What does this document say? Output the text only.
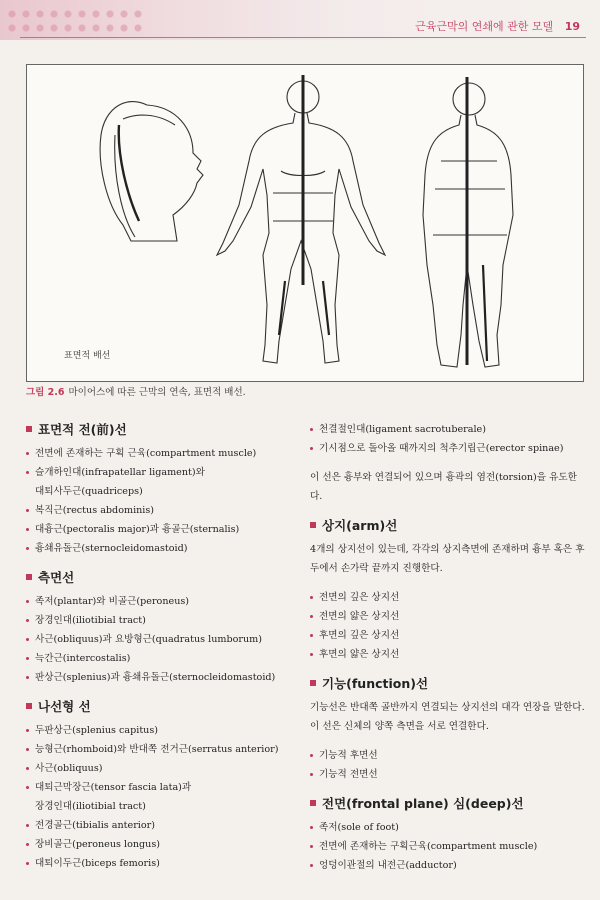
근육근막의 연쇄에 관한 모델 19
표면적 배선
그림 2.6 마이어스에 따른 근막의 연속, 표면적 배선.
표면적 전(前)선
전면에 존재하는 구획 근육(compartment muscle)
슬개하인대(infrapatellar ligament)와
대퇴사두근(quadriceps)
복직근(rectus abdominis)
대흉근(pectoralis major)과 흉골근(sternalis)
흉쇄유돌근(sternocleidomastoid)
측면선
족저(plantar)와 비골근(peroneus)
장경인대(iliotibial tract)
사근(obliquus)과 요방형근(quadratus lumborum)
늑간근(intercostalis)
판상근(splenius)과 흉쇄유돌근(sternocleidomastoid)
나선형 선
두판상근(splenius capitus)
능형근(rhomboid)와 반대쪽 전거근(serratus anterior)
사근(obliquus)
대퇴근막장근(tensor fascia lata)과
장경인대(iliotibial tract)
전경골근(tibialis anterior)
장비골근(peroneus longus)
대퇴이두근(biceps femoris)
천결절인대(ligament sacrotuberale)
기시점으로 돌아올 때까지의 척추기립근(erector spinae)

이 선은 흉부와 연결되어 있으며 흉곽의 염전(torsion)을 유도한다.

상지(arm)선

4개의 상지선이 있는데, 각각의 상지측면에 존재하며 흉부 혹은 후두에서 손가락 끝까지 진행한다.

전면의 깊은 상지선
전면의 얇은 상지선
후면의 깊은 상지선
후면의 얇은 상지선
기능(function)선

기능선은 반대쪽 골반까지 연결되는 상지선의 대각 연장을 말한다. 이 선은 신체의 양쪽 측면을 서로 연결한다.

기능적 후면선
기능적 전면선
전면(frontal plane) 심(deep)선
족저(sole of foot)
전면에 존재하는 구획근육(compartment muscle)
엉덩이관절의 내전근(adductor)
